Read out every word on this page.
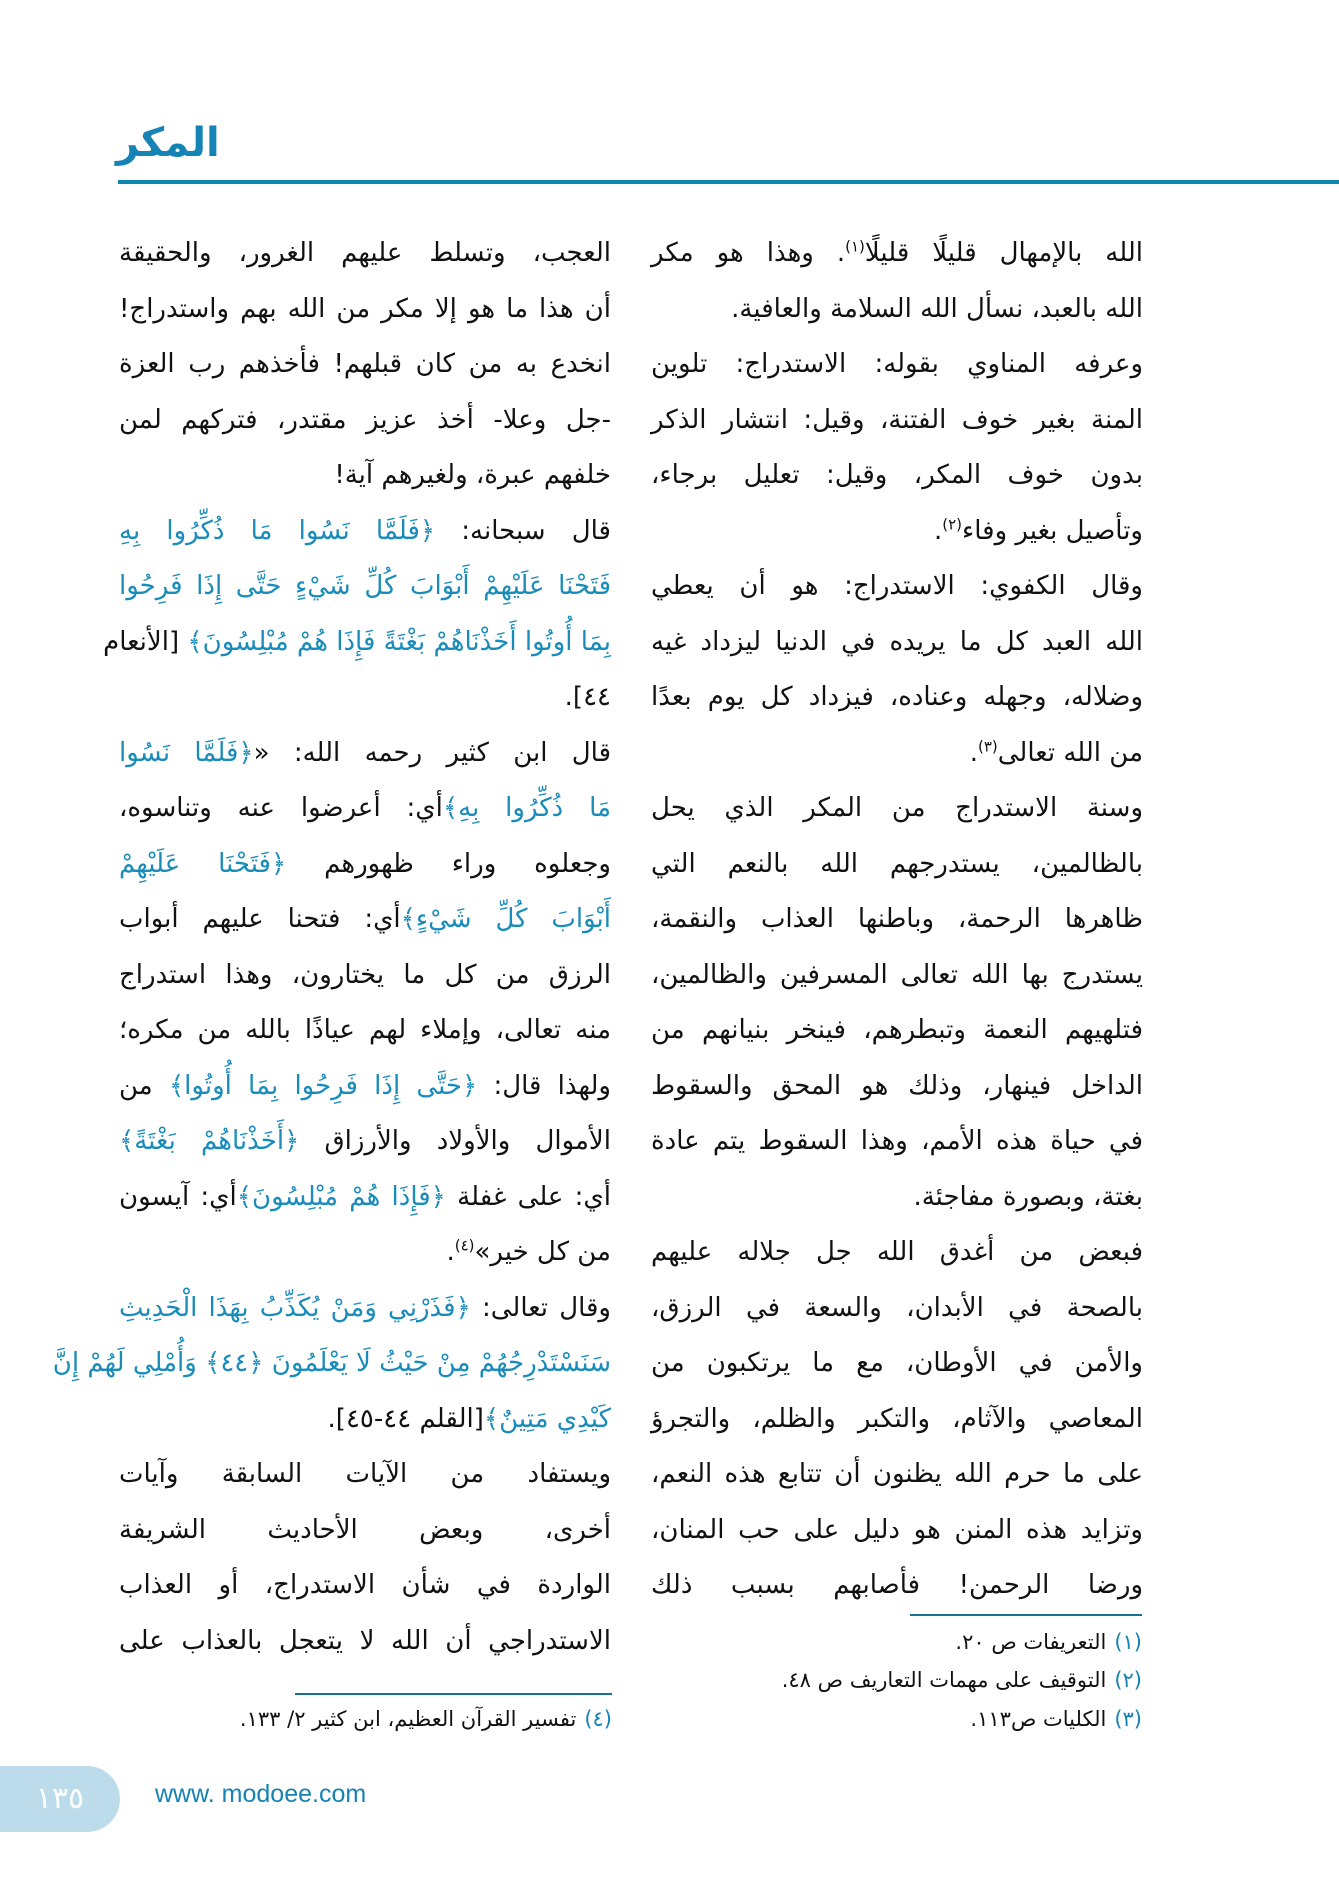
المكر
الله بالإمهال قليلًا قليلًا$^{(١)}$. وهذا هو مكر
الله بالعبد، نسأل الله السلامة والعافية.
وعرفه المناوي بقوله: الاستدراج: تلوين
المنة بغير خوف الفتنة، وقيل: انتشار الذكر
بدون خوف المكر، وقيل: تعليل برجاء،
وتأصيل بغير وفاء$^{(٢)}$.
وقال الكفوي: الاستدراج: هو أن يعطي
الله العبد كل ما يريده في الدنيا ليزداد غيه
وضلاله، وجهله وعناده، فيزداد كل يوم بعدًا
من الله تعالى$^{(٣)}$.
وسنة الاستدراج من المكر الذي يحل
بالظالمين، يستدرجهم الله بالنعم التي
ظاهرها الرحمة، وباطنها العذاب والنقمة،
يستدرج بها الله تعالى المسرفين والظالمين،
فتلهيهم النعمة وتبطرهم، فينخر بنيانهم من
الداخل فينهار، وذلك هو المحق والسقوط
في حياة هذه الأمم، وهذا السقوط يتم عادة
بغتة، وبصورة مفاجئة.
فبعض من أغدق الله جل جلاله عليهم
بالصحة في الأبدان، والسعة في الرزق،
والأمن في الأوطان، مع ما يرتكبون من
المعاصي والآثام، والتكبر والظلم، والتجرؤ
على ما حرم الله يظنون أن تتابع هذه النعم،
وتزايد هذه المنن هو دليل على حب المنان،
ورضا الرحمن! فأصابهم بسبب ذلك
العجب، وتسلط عليهم الغرور، والحقيقة
أن هذا ما هو إلا مكر من الله بهم واستدراج!
انخدع به من كان قبلهم! فأخذهم رب العزة
-جل وعلا- أخذ عزيز مقتدر، فتركهم لمن
خلفهم عبرة، ولغيرهم آية!
قال سبحانه: ﴿فَلَمَّا نَسُوا مَا ذُكِّرُوا بِهِ
فَتَحْنَا عَلَيْهِمْ أَبْوَابَ كُلِّ شَيْءٍ حَتَّى إِذَا فَرِحُوا
بِمَا أُوتُوا أَخَذْنَاهُمْ بَغْتَةً فَإِذَا هُمْ مُبْلِسُونَ﴾ [الأنعام
٤٤].
قال ابن كثير رحمه الله: «﴿فَلَمَّا نَسُوا
مَا ذُكِّرُوا بِهِ﴾أي: أعرضوا عنه وتناسوه،
وجعلوه وراء ظهورهم ﴿فَتَحْنَا عَلَيْهِمْ
أَبْوَابَ كُلِّ شَيْءٍ﴾أي: فتحنا عليهم أبواب
الرزق من كل ما يختارون، وهذا استدراج
منه تعالى، وإملاء لهم عياذًا بالله من مكره؛
ولهذا قال: ﴿حَتَّى إِذَا فَرِحُوا بِمَا أُوتُوا﴾ من
الأموال والأولاد والأرزاق ﴿أَخَذْنَاهُمْ بَغْتَةً﴾
أي: على غفلة ﴿فَإِذَا هُمْ مُبْلِسُونَ﴾أي: آيسون
من كل خير»$^{(٤)}$.
وقال تعالى: ﴿فَذَرْنِي وَمَنْ يُكَذِّبُ بِهَذَا الْحَدِيثِ
سَنَسْتَدْرِجُهُمْ مِنْ حَيْثُ لَا يَعْلَمُونَ ﴿٤٤﴾ وَأُمْلِي لَهُمْ إِنَّ
كَيْدِي مَتِينٌ﴾[القلم ٤٤-٤٥].
ويستفاد من الآيات السابقة وآيات
أخرى، وبعض الأحاديث الشريفة
الواردة في شأن الاستدراج، أو العذاب
الاستدراجي أن الله لا يتعجل بالعذاب على	(١)التعريفات ص ٢٠.
(٢)التوقيف على مهمات التعاريف ص ٤٨.
(٣)الكليات ص١١٣.
(٤)تفسير القرآن العظيم، ابن كثير ٢/ ١٣٣.
١٣٥	www. modoee.com
